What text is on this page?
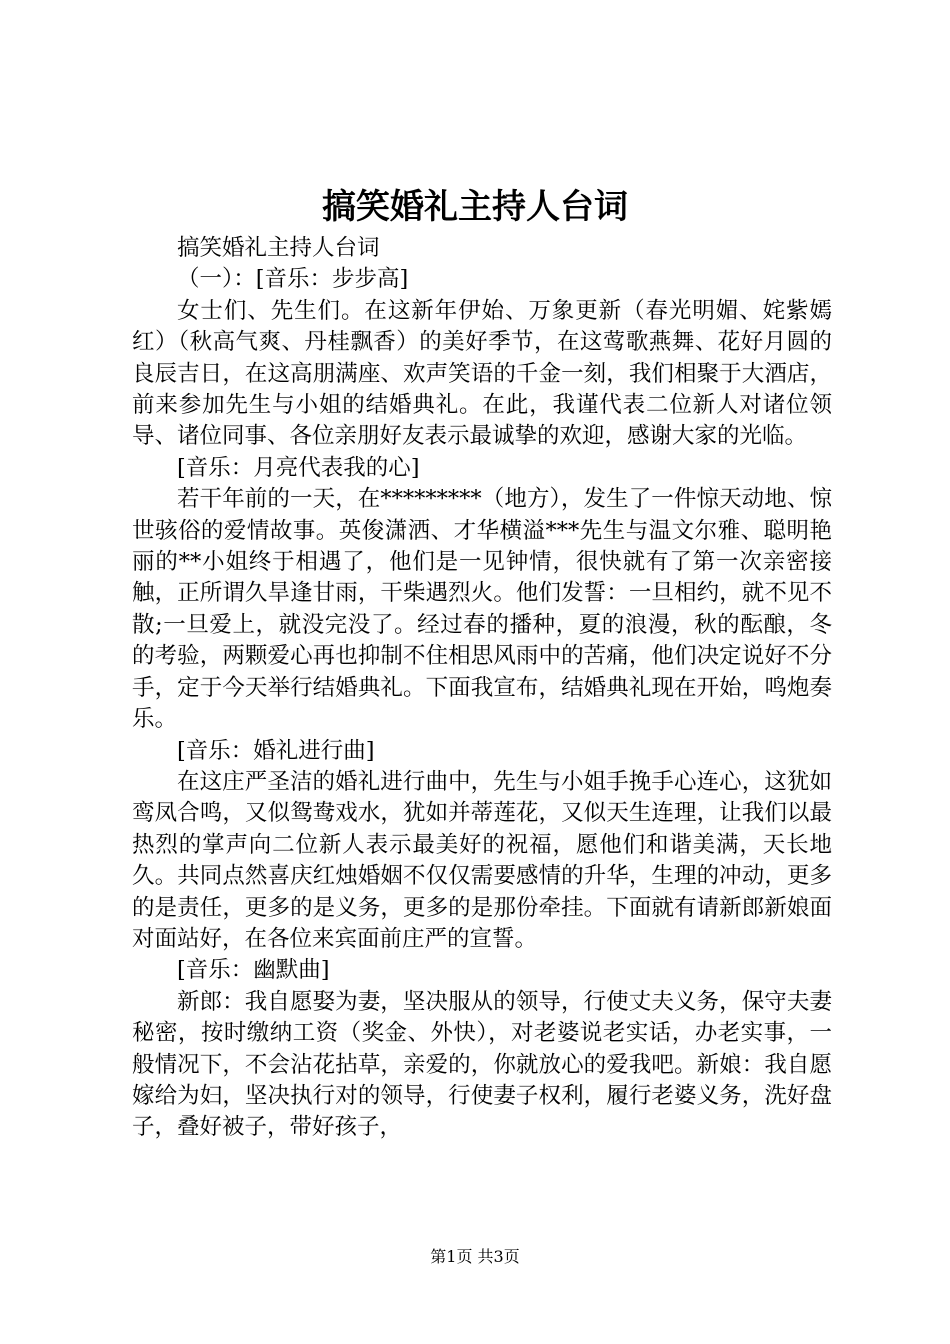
搞笑婚礼主持人台词

搞笑婚礼主持人台词

（一）：[音乐：步步高]

女士们、先生们。在这新年伊始、万象更新（春光明媚、姹紫嫣红）（秋高气爽、丹桂飘香）的美好季节，在这莺歌燕舞、花好月圆的良辰吉日，在这高朋满座、欢声笑语的千金一刻，我们相聚于大酒店，前来参加先生与小姐的结婚典礼。在此，我谨代表二位新人对诸位领导、诸位同事、各位亲朋好友表示最诚挚的欢迎，感谢大家的光临。

[音乐：月亮代表我的心]

若干年前的一天，在*********（地方），发生了一件惊天动地、惊世骇俗的爱情故事。英俊潇洒、才华横溢***先生与温文尔雅、聪明艳丽的**小姐终于相遇了，他们是一见钟情，很快就有了第一次亲密接触，正所谓久旱逢甘雨，干柴遇烈火。他们发誓：一旦相约，就不见不散;一旦爱上，就没完没了。经过春的播种，夏的浪漫，秋的酝酿，冬的考验，两颗爱心再也抑制不住相思风雨中的苦痛，他们决定说好不分手，定于今天举行结婚典礼。下面我宣布，结婚典礼现在开始，鸣炮奏乐。

[音乐：婚礼进行曲]

在这庄严圣洁的婚礼进行曲中，先生与小姐手挽手心连心，这犹如鸾凤合鸣，又似鸳鸯戏水，犹如并蒂莲花，又似天生连理，让我们以最热烈的掌声向二位新人表示最美好的祝福，愿他们和谐美满，天长地久。共同点然喜庆红烛婚姻不仅仅需要感情的升华，生理的冲动，更多的是责任，更多的是义务，更多的是那份牵挂。下面就有请新郎新娘面对面站好，在各位来宾面前庄严的宣誓。

[音乐：幽默曲]

新郎：我自愿娶为妻，坚决服从的领导，行使丈夫义务，保守夫妻秘密，按时缴纳工资（奖金、外快），对老婆说老实话，办老实事，一般情况下，不会沾花拈草，亲爱的，你就放心的爱我吧。新娘：我自愿嫁给为妇，坚决执行对的领导，行使妻子权利，履行老婆义务，洗好盘子，叠好被子，带好孩子，

第1页 共3页
